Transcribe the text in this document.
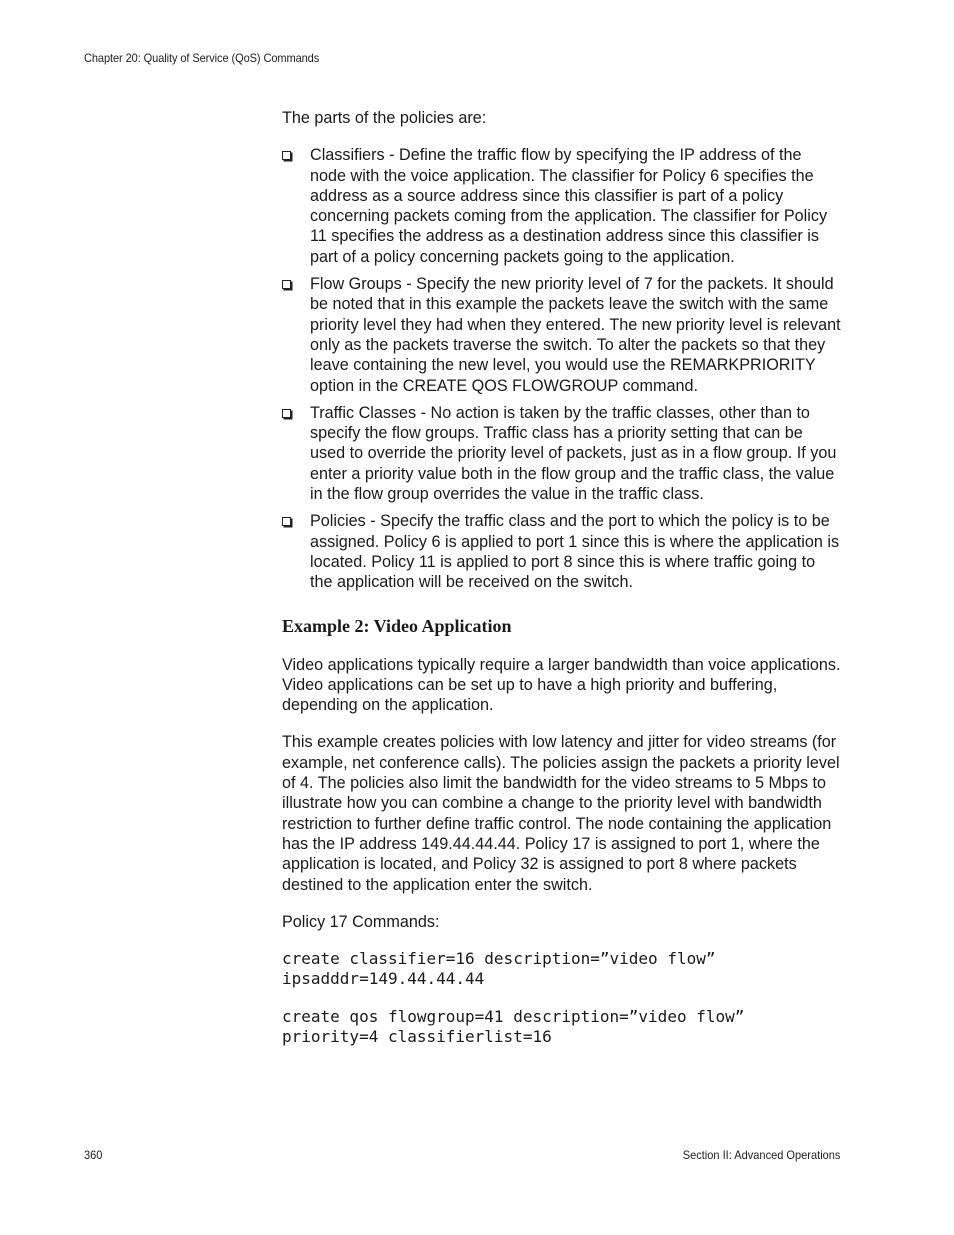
Chapter 20: Quality of Service (QoS) Commands

The parts of the policies are:

Classifiers - Define the traffic flow by specifying the IP address of the node with the voice application. The classifier for Policy 6 specifies the address as a source address since this classifier is part of a policy concerning packets coming from the application. The classifier for Policy 11 specifies the address as a destination address since this classifier is part of a policy concerning packets going to the application.
Flow Groups - Specify the new priority level of 7 for the packets. It should be noted that in this example the packets leave the switch with the same priority level they had when they entered. The new priority level is relevant only as the packets traverse the switch. To alter the packets so that they leave containing the new level, you would use the REMARKPRIORITY option in the CREATE QOS FLOWGROUP command.
Traffic Classes - No action is taken by the traffic classes, other than to specify the flow groups. Traffic class has a priority setting that can be used to override the priority level of packets, just as in a flow group. If you enter a priority value both in the flow group and the traffic class, the value in the flow group overrides the value in the traffic class.
Policies - Specify the traffic class and the port to which the policy is to be assigned. Policy 6 is applied to port 1 since this is where the application is located. Policy 11 is applied to port 8 since this is where traffic going to the application will be received on the switch.
Example 2: Video Application

Video applications typically require a larger bandwidth than voice applications. Video applications can be set up to have a high priority and buffering, depending on the application.

This example creates policies with low latency and jitter for video streams (for example, net conference calls). The policies assign the packets a priority level of 4. The policies also limit the bandwidth for the video streams to 5 Mbps to illustrate how you can combine a change to the priority level with bandwidth restriction to further define traffic control. The node containing the application has the IP address 149.44.44.44. Policy 17 is assigned to port 1, where the application is located, and Policy 32 is assigned to port 8 where packets destined to the application enter the switch.

Policy 17 Commands:

create classifier=16 description=”video flow”
ipsadddr=149.44.44.44
create qos flowgroup=41 description=”video flow”
priority=4 classifierlist=16
360	Section II: Advanced Operations
